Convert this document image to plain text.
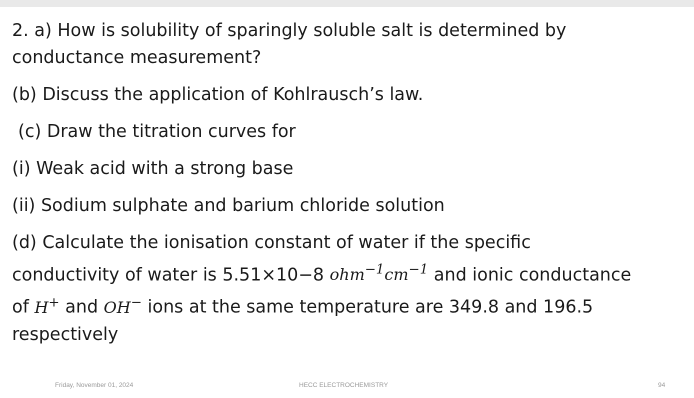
2. a) How is solubility of sparingly soluble salt is determined by
conductance measurement?

(b) Discuss the application of Kohlrausch’s law.

(c) Draw the titration curves for

(i) Weak acid with a strong base

(ii) Sodium sulphate and barium chloride solution

(d) Calculate the ionisation constant of water if the specific
conductivity of water is 5.51×10−8 $ohm^{-1}cm^{-1}$ and ionic conductance
of H+ and OH− ions at the same temperature are 349.8 and 196.5
respectively

Friday, November 01, 2024	HECC ELECTROCHEMISTRY	94
